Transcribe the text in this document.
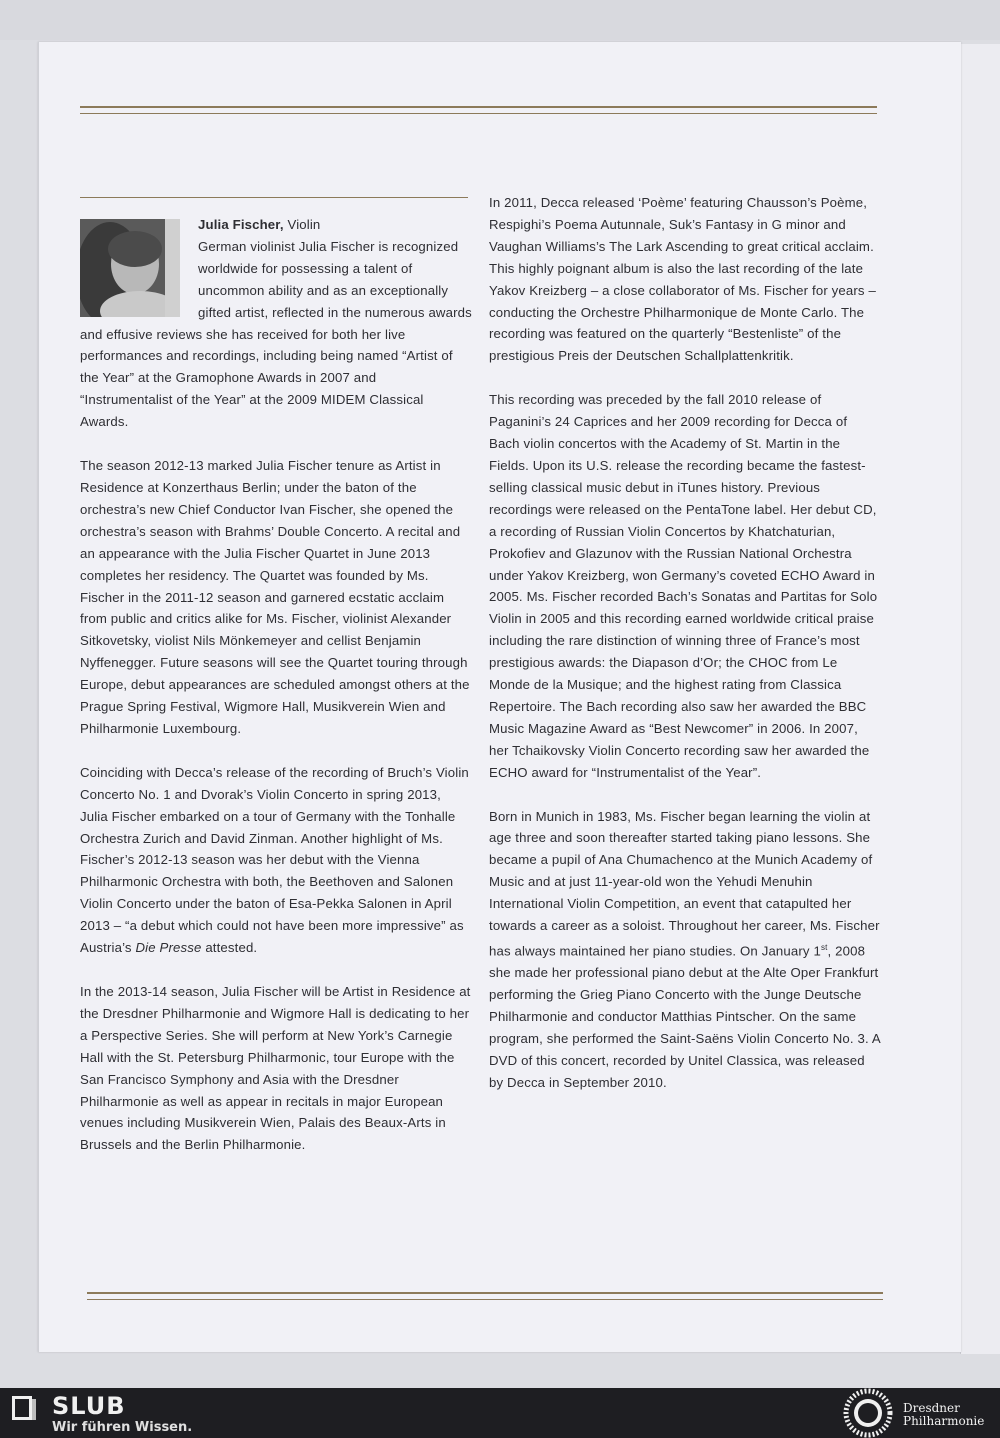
Julia Fischer, Violin
German violinist Julia Fischer is recognized worldwide for possessing a talent of uncommon ability and as an exceptionally gifted artist, reflected in the numerous awards and effusive reviews she has received for both her live performances and recordings, including being named “Artist of the Year” at the Gramophone Awards in 2007 and “Instrumentalist of the Year” at the 2009 MIDEM Classical Awards.

The season 2012-13 marked Julia Fischer tenure as Artist in Residence at Konzerthaus Berlin; under the baton of the orchestra’s new Chief Conductor Ivan Fischer, she opened the orchestra’s season with Brahms’ Double Concerto. A recital and an appearance with the Julia Fischer Quartet in June 2013 completes her residency. The Quartet was founded by Ms. Fischer in the 2011-12 season and garnered ecstatic acclaim from public and critics alike for Ms. Fischer, violinist Alexander Sitkovetsky, violist Nils Mönkemeyer and cellist Benjamin Nyffenegger. Future seasons will see the Quartet touring through Europe, debut appearances are scheduled amongst others at the Prague Spring Festival, Wigmore Hall, Musikverein Wien and Philharmonie Luxembourg.

Coinciding with Decca’s release of the recording of Bruch’s Violin Concerto No. 1 and Dvorak’s Violin Concerto in spring 2013, Julia Fischer embarked on a tour of Germany with the Tonhalle Orchestra Zurich and David Zinman. Another highlight of Ms. Fischer’s 2012-13 season was her debut with the Vienna Philharmonic Orchestra with both, the Beethoven and Salonen Violin Concerto under the baton of Esa-Pekka Salonen in April 2013 – “a debut which could not have been more impressive” as Austria’s Die Presse attested.

In the 2013-14 season, Julia Fischer will be Artist in Residence at the Dresdner Philharmonie and Wigmore Hall is dedicating to her a Perspective Series. She will perform at New York’s Carnegie Hall with the St. Petersburg Philharmonic, tour Europe with the San Francisco Symphony and Asia with the Dresdner Philharmonie as well as appear in recitals in major European venues including Musikverein Wien, Palais des Beaux-Arts in Brussels and the Berlin Philharmonie.

In 2011, Decca released ‘Poème’ featuring Chausson’s Poème, Respighi’s Poema Autunnale, Suk’s Fantasy in G minor and Vaughan Williams’s The Lark Ascending to great critical acclaim. This highly poignant album is also the last recording of the late Yakov Kreizberg – a close collaborator of Ms. Fischer for years – conducting the Orchestre Philharmonique de Monte Carlo. The recording was featured on the quarterly “Bestenliste” of the prestigious Preis der Deutschen Schallplattenkritik.

This recording was preceded by the fall 2010 release of Paganini’s 24 Caprices and her 2009 recording for Decca of Bach violin concertos with the Academy of St. Martin in the Fields. Upon its U.S. release the recording became the fastest-selling classical music debut in iTunes history. Previous recordings were released on the PentaTone label. Her debut CD, a recording of Russian Violin Concertos by Khatchaturian, Prokofiev and Glazunov with the Russian National Orchestra under Yakov Kreizberg, won Germany’s coveted ECHO Award in 2005. Ms. Fischer recorded Bach’s Sonatas and Partitas for Solo Violin in 2005 and this recording earned worldwide critical praise including the rare distinction of winning three of France’s most prestigious awards: the Diapason d’Or; the CHOC from Le Monde de la Musique; and the highest rating from Classica Repertoire. The Bach recording also saw her awarded the BBC Music Magazine Award as “Best Newcomer” in 2006. In 2007, her Tchaikovsky Violin Concerto recording saw her awarded the ECHO award for “Instrumentalist of the Year”.

Born in Munich in 1983, Ms. Fischer began learning the violin at age three and soon thereafter started taking piano lessons. She became a pupil of Ana Chumachenco at the Munich Academy of Music and at just 11-year-old won the Yehudi Menuhin International Violin Competition, an event that catapulted her towards a career as a soloist. Throughout her career, Ms. Fischer has always maintained her piano studies. On January 1st, 2008 she made her professional piano debut at the Alte Oper Frankfurt performing the Grieg Piano Concerto with the Junge Deutsche Philharmonie and conductor Matthias Pintscher. On the same program, she performed the Saint-Saëns Violin Concerto No. 3. A DVD of this concert, recorded by Unitel Classica, was released by Decca in September 2010.

SLUB
Wir führen Wissen.
Dresdner
Philharmonie
